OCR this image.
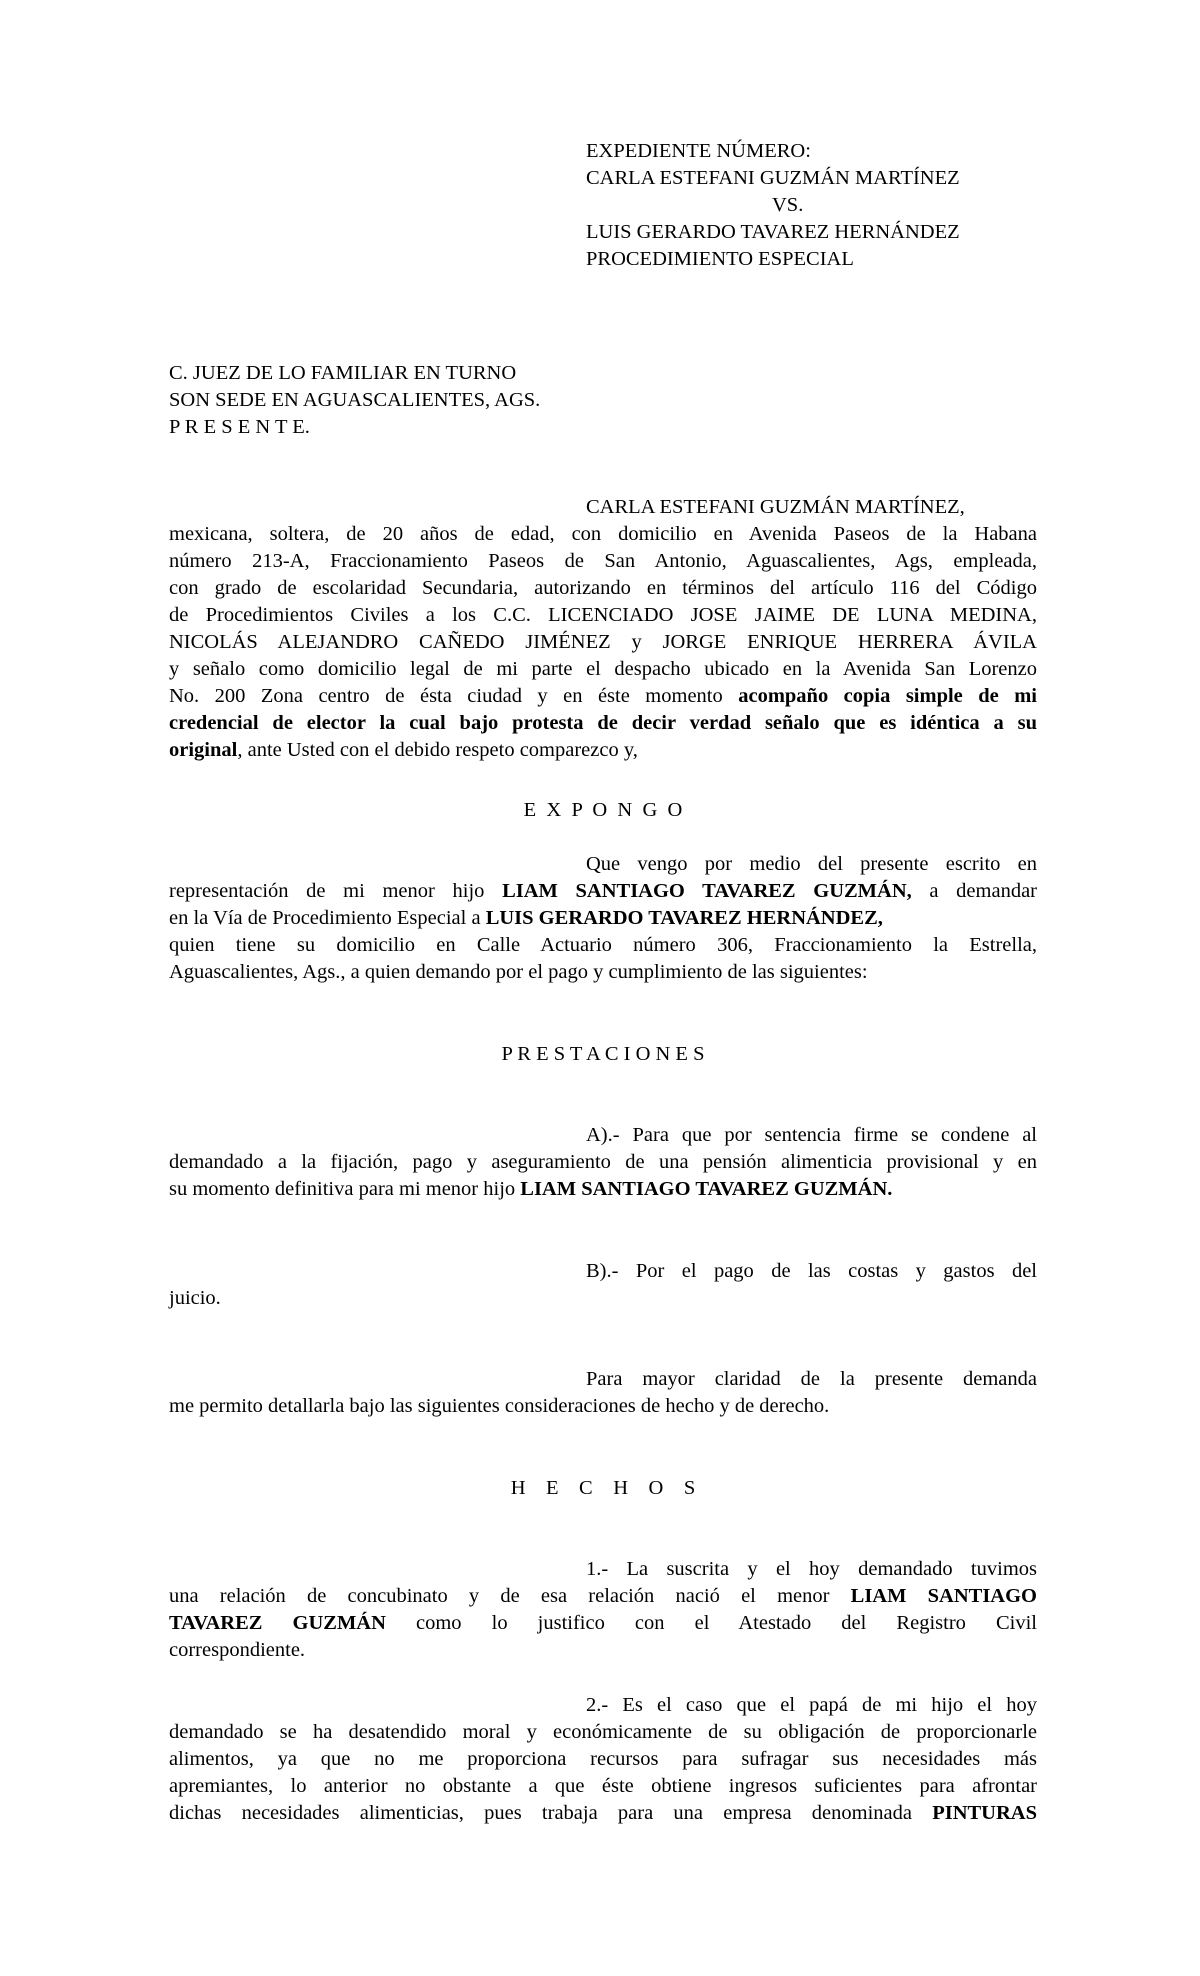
EXPEDIENTE NÚMERO:
CARLA ESTEFANI GUZMÁN MARTÍNEZ
VS.
LUIS GERARDO TAVAREZ HERNÁNDEZ
PROCEDIMIENTO ESPECIAL
C. JUEZ DE LO FAMILIAR EN TURNO
SON SEDE EN AGUASCALIENTES, AGS.
P R E S E N T E.
CARLA ESTEFANI GUZMÁN MARTÍNEZ,
mexicana, soltera, de 20 años de edad, con domicilio en Avenida Paseos de la Habana
número 213-A, Fraccionamiento Paseos de San Antonio, Aguascalientes, Ags, empleada,
con grado de escolaridad Secundaria, autorizando en términos del artículo 116 del Código
de Procedimientos Civiles a los C.C. LICENCIADO JOSE JAIME DE LUNA MEDINA,
NICOLÁS ALEJANDRO CAÑEDO JIMÉNEZ y JORGE ENRIQUE HERRERA ÁVILA
y señalo como domicilio legal de mi parte el despacho ubicado en la Avenida San Lorenzo
No. 200 Zona centro de ésta ciudad y en éste momento acompaño copia simple de mi
credencial de elector la cual bajo protesta de decir verdad señalo que es idéntica a su
original, ante Usted con el debido respeto comparezco y,
E  X  P  O  N  G  O
Que vengo por medio del presente escrito en
representación de mi menor hijo LIAM SANTIAGO TAVAREZ GUZMÁN, a demandar
en la Vía de Procedimiento Especial a LUIS GERARDO TAVAREZ HERNÁNDEZ,
quien tiene su domicilio en Calle Actuario número 306, Fraccionamiento la Estrella,
Aguascalientes, Ags., a quien demando por el pago y cumplimiento de las siguientes:
P R E S T A C I O N E S
A).- Para que por sentencia firme se condene al
demandado a la fijación, pago y aseguramiento de una pensión alimenticia provisional y en
su momento definitiva para mi menor hijo LIAM SANTIAGO TAVAREZ GUZMÁN.
B).- Por el pago de las costas y gastos del
juicio.
Para mayor claridad de la presente demanda
me permito detallarla bajo las siguientes consideraciones de hecho y de derecho.
H    E    C    H    O    S
1.- La suscrita y el hoy demandado tuvimos
una relación de concubinato y de esa relación nació el menor LIAM SANTIAGO
TAVAREZ GUZMÁN como lo justifico con el Atestado del Registro Civil
correspondiente.
2.- Es el caso que el papá de mi hijo el hoy
demandado se ha desatendido moral y económicamente de su obligación de proporcionarle
alimentos, ya que no me proporciona recursos para sufragar sus necesidades más
apremiantes, lo anterior no obstante a que éste obtiene ingresos suficientes para afrontar
dichas necesidades alimenticias, pues trabaja para una empresa denominada PINTURAS
